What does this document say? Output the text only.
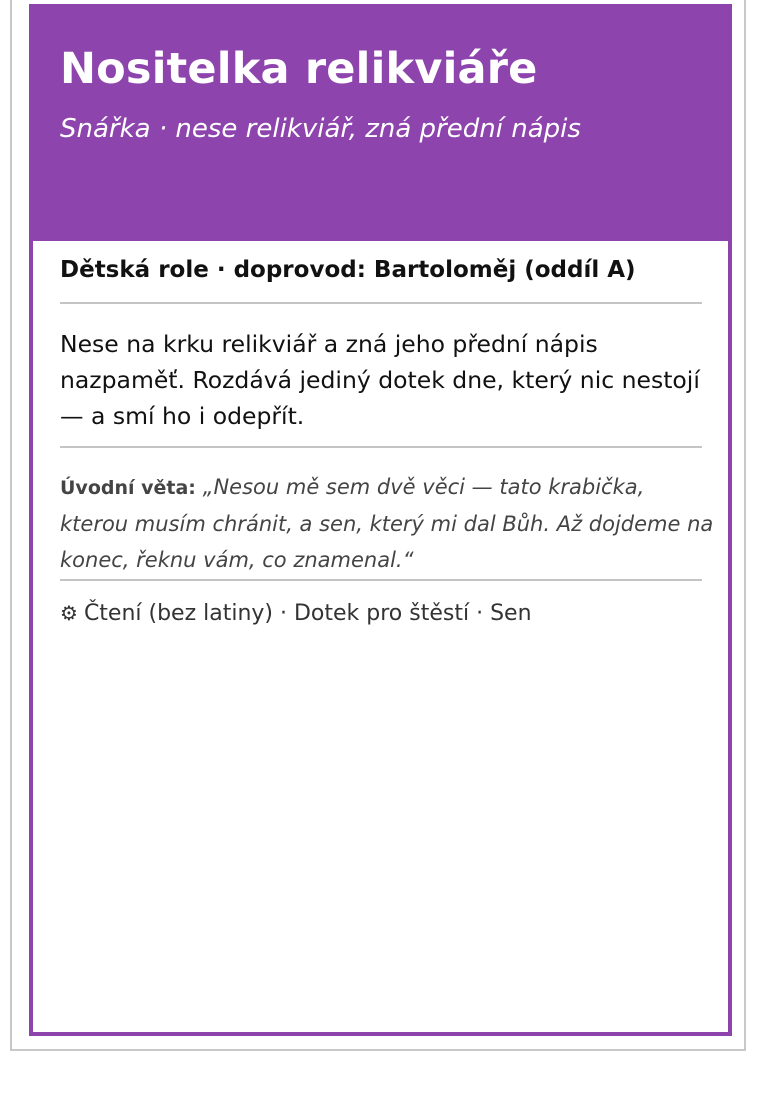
Nositelka relikviáře

Snářka · nese relikviář, zná přední nápis

Dětská role · doprovod: Bartoloměj (oddíl A)

Nese na krku relikviář a zná jeho přední nápis nazpaměť. Rozdává jediný dotek dne, který nic nestojí — a smí ho i odepřít.

Úvodní věta: „Nesou mě sem dvě věci — tato krabička, kterou musím chránit, a sen, který mi dal Bůh. Až dojdeme na konec, řeknu vám, co znamenal.“

⚙ Čtení (bez latiny) · Dotek pro štěstí · Sen
